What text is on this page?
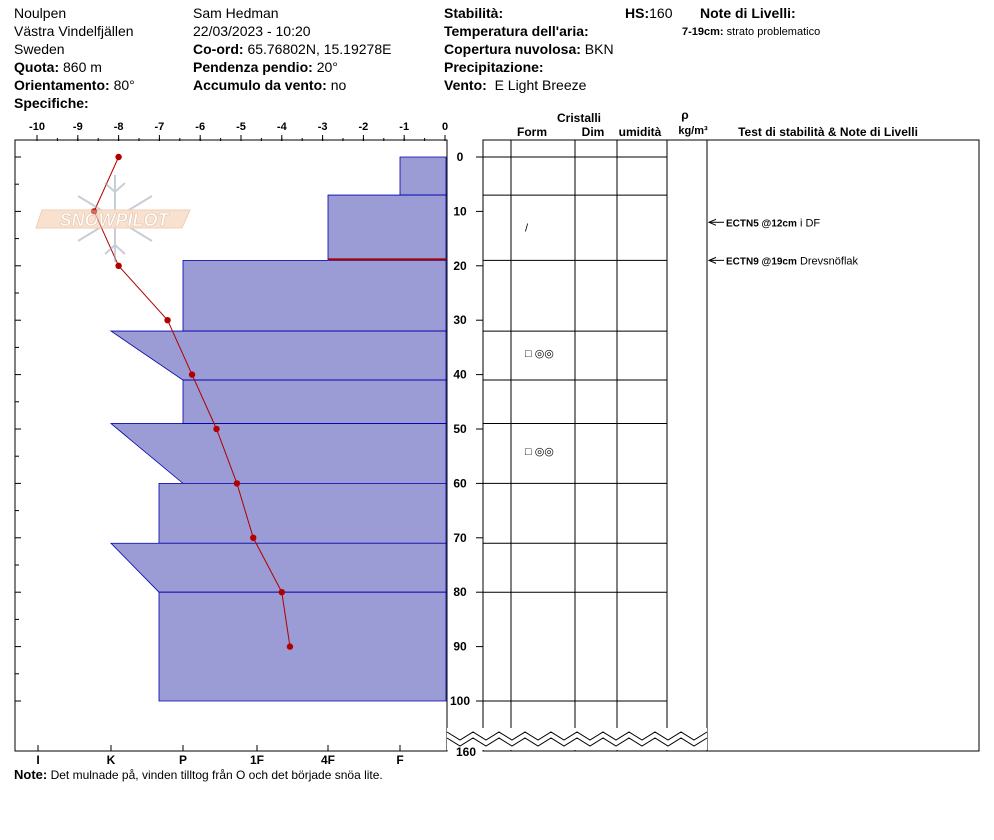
Noulpen
Västra Vindelfjällen
Sweden
Quota: 860 m
Orientamento: 80°
Specifiche:
Sam Hedman
22/03/2023 - 10:20
Co-ord: 65.76802N, 15.19278E
Pendenza pendio: 20°
Accumulo da vento: no
Stabilità:
Temperatura dell'aria:
Copertura nuvolosa: BKN
Precipitazione:
Vento: E Light Breeze
HS:160 Note di Livelli:
7-19cm: strato problematico
-10	-9	-8	-7	-6	-5	-4	-3	-2	-1	0
I	K	P	1F	4F	F
0
10
20
30
40
50
60
70
80
90
100
160
/
□ ◎◎
□ ◎◎
ECTN5 @12cm i DF
ECTN9 @19cm Drevsnöflak
Cristalli
Form	Dim umidità
ρ
kg/m³	Test di stabilità & Note di Livelli
SNOWPILOT
Note: Det mulnade på, vinden tilltog från O och det började snöa lite.
